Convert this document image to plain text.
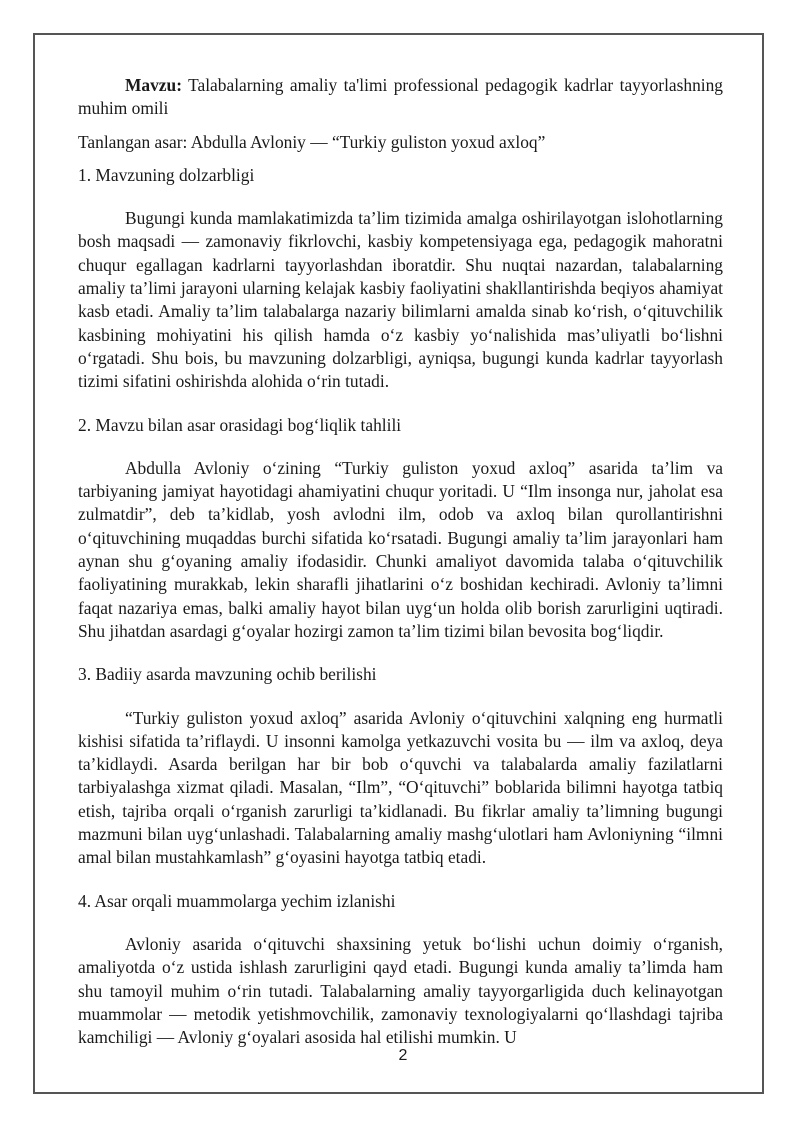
Mavzu: Talabalarning amaliy ta'limi professional pedagogik kadrlar tayyorlashning muhim omili

Tanlangan asar: Abdulla Avloniy — “Turkiy guliston yoxud axloq”

1. Mavzuning dolzarbligi

Bugungi kunda mamlakatimizda ta’lim tizimida amalga oshirilayotgan islohotlarning bosh maqsadi — zamonaviy fikrlovchi, kasbiy kompetensiyaga ega, pedagogik mahoratni chuqur egallagan kadrlarni tayyorlashdan iboratdir. Shu nuqtai nazardan, talabalarning amaliy ta’limi jarayoni ularning kelajak kasbiy faoliyatini shakllantirishda beqiyos ahamiyat kasb etadi. Amaliy ta’lim talabalarga nazariy bilimlarni amalda sinab ko‘rish, o‘qituvchilik kasbining mohiyatini his qilish hamda o‘z kasbiy yo‘nalishida mas’uliyatli bo‘lishni o‘rgatadi. Shu bois, bu mavzuning dolzarbligi, ayniqsa, bugungi kunda kadrlar tayyorlash tizimi sifatini oshirishda alohida o‘rin tutadi.

2. Mavzu bilan asar orasidagi bog‘liqlik tahlili

Abdulla Avloniy o‘zining “Turkiy guliston yoxud axloq” asarida ta’lim va tarbiyaning jamiyat hayotidagi ahamiyatini chuqur yoritadi. U “Ilm insonga nur, jaholat esa zulmatdir”, deb ta’kidlab, yosh avlodni ilm, odob va axloq bilan qurollantirishni o‘qituvchining muqaddas burchi sifatida ko‘rsatadi. Bugungi amaliy ta’lim jarayonlari ham aynan shu g‘oyaning amaliy ifodasidir. Chunki amaliyot davomida talaba o‘qituvchilik faoliyatining murakkab, lekin sharafli jihatlarini o‘z boshidan kechiradi. Avloniy ta’limni faqat nazariya emas, balki amaliy hayot bilan uyg‘un holda olib borish zarurligini uqtiradi. Shu jihatdan asardagi g‘oyalar hozirgi zamon ta’lim tizimi bilan bevosita bog‘liqdir.

3. Badiiy asarda mavzuning ochib berilishi

“Turkiy guliston yoxud axloq” asarida Avloniy o‘qituvchini xalqning eng hurmatli kishisi sifatida ta’riflaydi. U insonni kamolga yetkazuvchi vosita bu — ilm va axloq, deya ta’kidlaydi. Asarda berilgan har bir bob o‘quvchi va talabalarda amaliy fazilatlarni tarbiyalashga xizmat qiladi. Masalan, “Ilm”, “O‘qituvchi” boblarida bilimni hayotga tatbiq etish, tajriba orqali o‘rganish zarurligi ta’kidlanadi. Bu fikrlar amaliy ta’limning bugungi mazmuni bilan uyg‘unlashadi. Talabalarning amaliy mashg‘ulotlari ham Avloniyning “ilmni amal bilan mustahkamlash” g‘oyasini hayotga tatbiq etadi.

4. Asar orqali muammolarga yechim izlanishi

Avloniy asarida o‘qituvchi shaxsining yetuk bo‘lishi uchun doimiy o‘rganish, amaliyotda o‘z ustida ishlash zarurligini qayd etadi. Bugungi kunda amaliy ta’limda ham shu tamoyil muhim o‘rin tutadi. Talabalarning amaliy tayyorgarligida duch kelinayotgan muammolar — metodik yetishmovchilik, zamonaviy texnologiyalarni qo‘llashdagi tajriba kamchiligi — Avloniy g‘oyalari asosida hal etilishi mumkin. U

2
